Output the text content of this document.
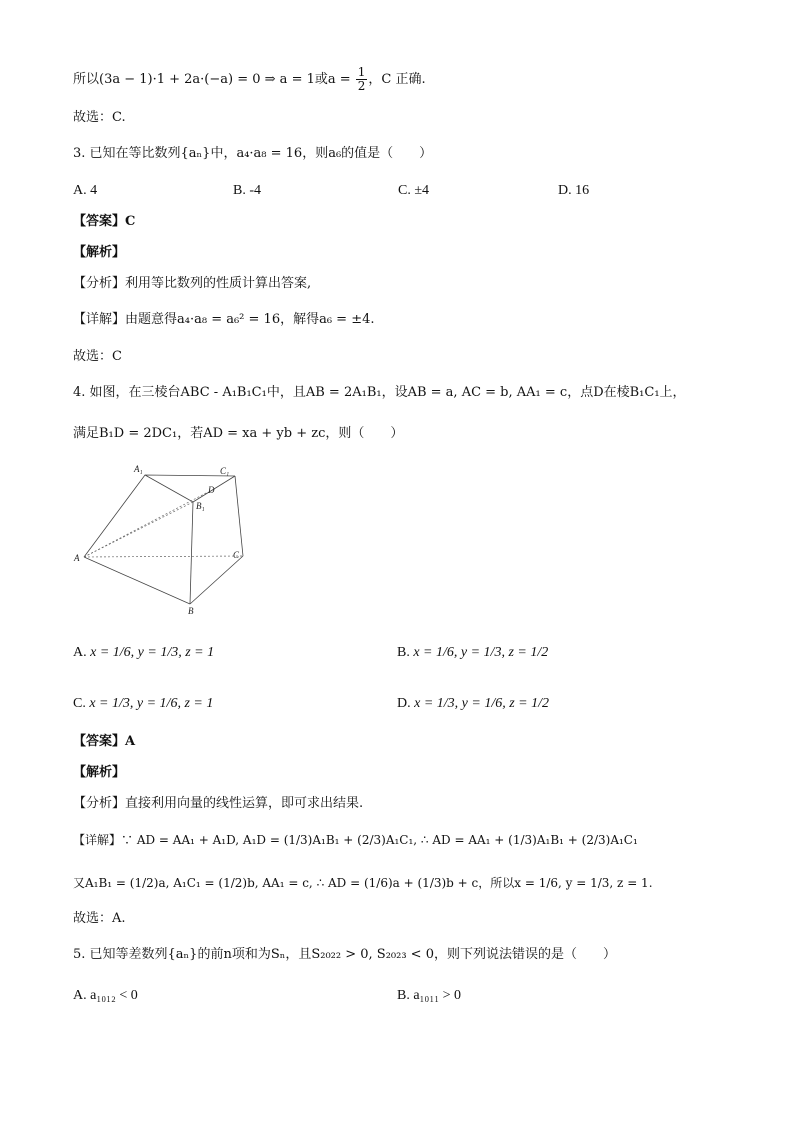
所以(3a − 1)·1 + 2a·(−a) = 0 ⇒ a = 1或$a = \frac{1}{2}$ ，C 正确.
故选：C.
3. 已知在等比数列{aₙ}中，a₄·a₈ = 16，则a₆的值是（　　）
A. 4	B. -4	C. ±4	D. 16
【答案】C
【解析】
【分析】利用等比数列的性质计算出答案,
【详解】由题意得a₄·a₈ = a₆² = 16，解得a₆ = ±4.
故选：C
4. 如图，在三棱台ABC - A₁B₁C₁中，且AB = 2A₁B₁，设AB = a, AC = b, AA₁ = c，点D在棱B₁C₁上，
满足B₁D = 2DC₁，若AD = xa + yb + zc，则（　　）
A₁	C₁
D
B₁
A	C
B
A. x = 1/6, y = 1/3, z = 1	B. x = 1/6, y = 1/3, z = 1/2
C. x = 1/3, y = 1/6, z = 1	D. x = 1/3, y = 1/6, z = 1/2
【答案】A
【解析】
【分析】直接利用向量的线性运算，即可求出结果.
【详解】∵ AD = AA₁ + A₁D, A₁D = (1/3)A₁B₁ + (2/3)A₁C₁, ∴ AD = AA₁ + (1/3)A₁B₁ + (2/3)A₁C₁
又A₁B₁ = (1/2)a, A₁C₁ = (1/2)b, AA₁ = c, ∴ AD = (1/6)a + (1/3)b + c，所以x = 1/6, y = 1/3, z = 1.
故选：A.
5. 已知等差数列{aₙ}的前n项和为Sₙ，且S₂₀₂₂ > 0, S₂₀₂₃ < 0，则下列说法错误的是（　　）
A. a₁₀₁₂ < 0	B. a₁₀₁₁ > 0
